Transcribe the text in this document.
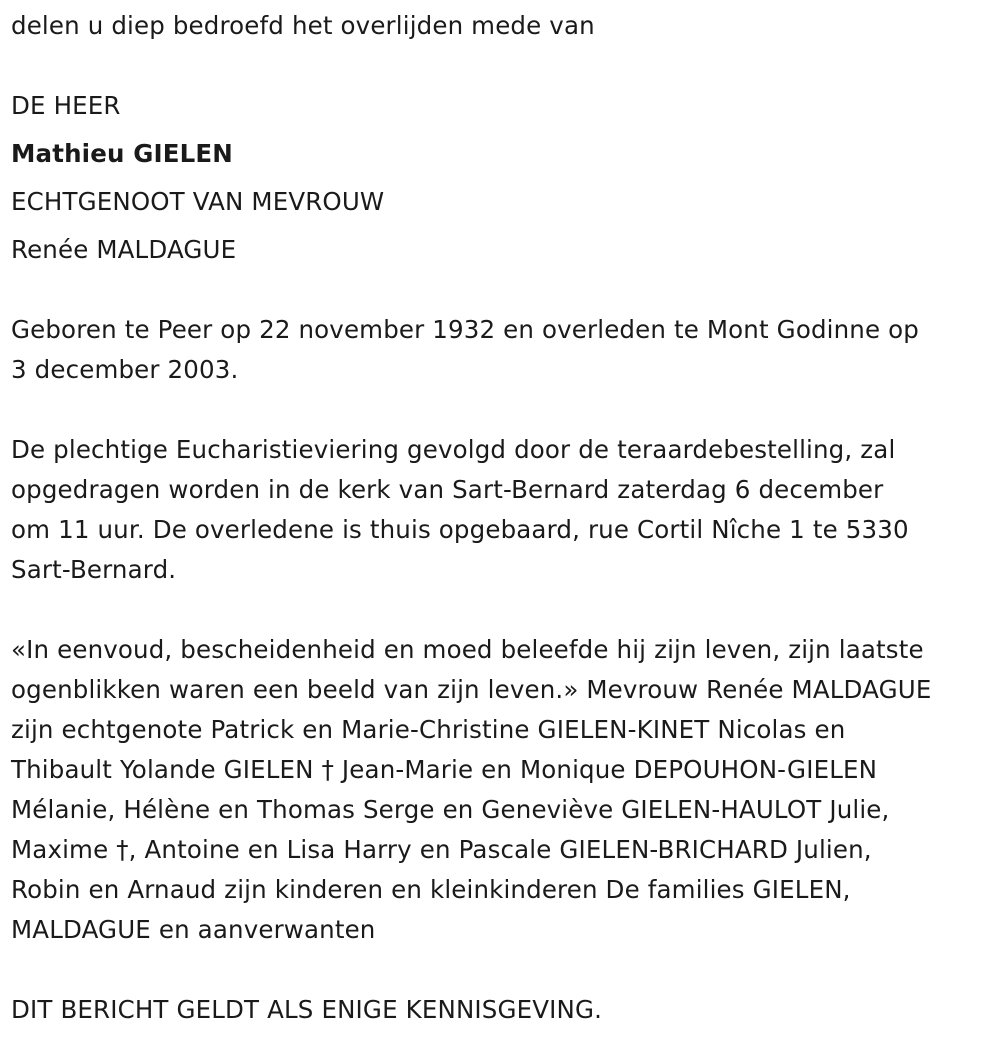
delen u diep bedroefd het overlijden mede van

DE HEER

Mathieu GIELEN

ECHTGENOOT VAN MEVROUW

Renée MALDAGUE

Geboren te Peer op 22 november 1932 en overleden te Mont Godinne op
3 december 2003.
De plechtige Eucharistieviering gevolgd door de teraardebestelling, zal
opgedragen worden in de kerk van Sart-Bernard zaterdag 6 december
om 11 uur. De overledene is thuis opgebaard, rue Cortil Nîche 1 te 5330
Sart-Bernard.
«In eenvoud, bescheidenheid en moed beleefde hij zijn leven, zijn laatste
ogenblikken waren een beeld van zijn leven.» Mevrouw Renée MALDAGUE
zijn echtgenote Patrick en Marie-Christine GIELEN-KINET Nicolas en
Thibault Yolande GIELEN † Jean-Marie en Monique DEPOUHON-GIELEN
Mélanie, Hélène en Thomas Serge en Geneviève GIELEN-HAULOT Julie,
Maxime †, Antoine en Lisa Harry en Pascale GIELEN-BRICHARD Julien,
Robin en Arnaud zijn kinderen en kleinkinderen De families GIELEN,
MALDAGUE en aanverwanten

DIT BERICHT GELDT ALS ENIGE KENNISGEVING.
